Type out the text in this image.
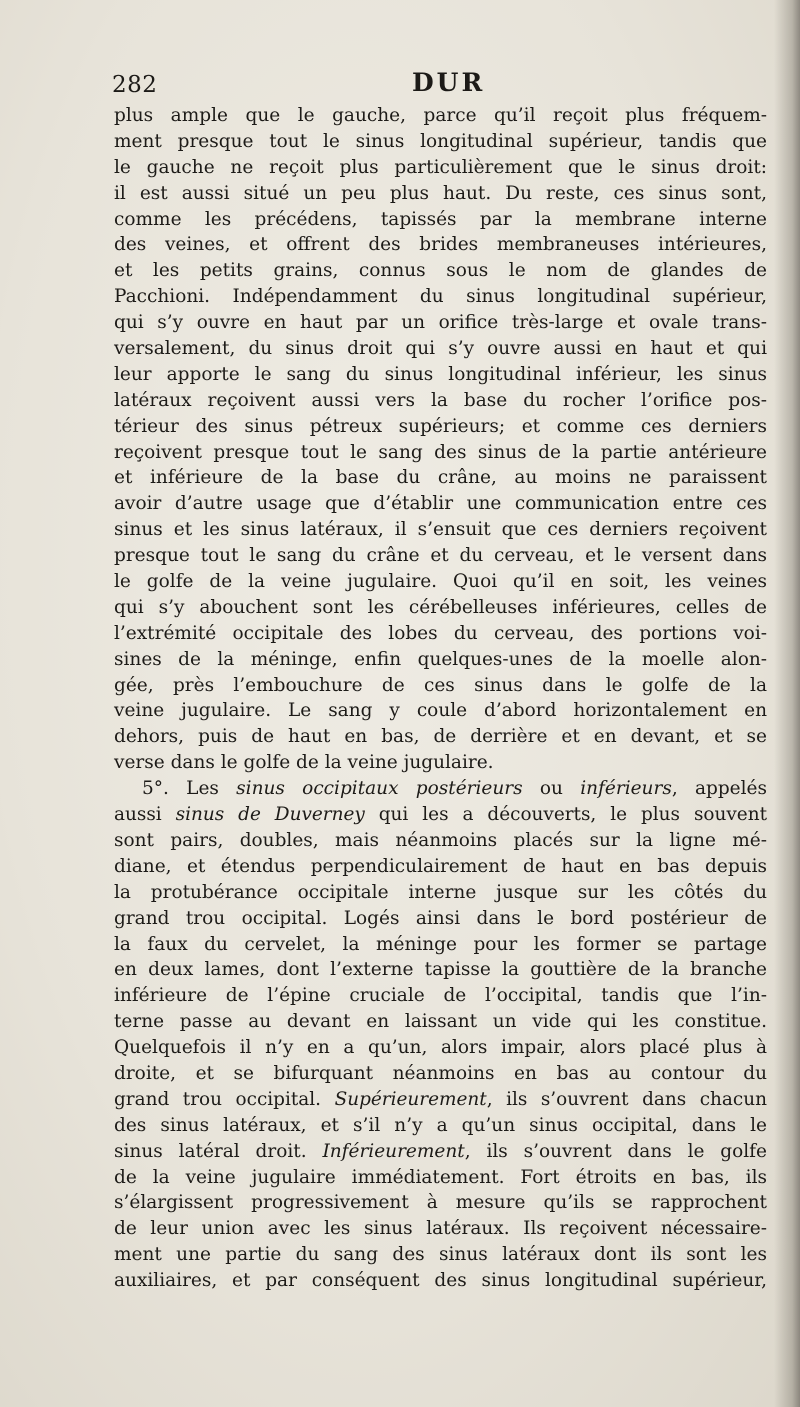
282	DUR
plus ample que le gauche, parce qu’il reçoit plus fréquem-
ment presque tout le sinus longitudinal supérieur, tandis que
le gauche ne reçoit plus particulièrement que le sinus droit:
il est aussi situé un peu plus haut. Du reste, ces sinus sont,
comme les précédens, tapissés par la membrane interne
des veines, et offrent des brides membraneuses intérieures,
et les petits grains, connus sous le nom de glandes de
Pacchioni. Indépendamment du sinus longitudinal supérieur,
qui s’y ouvre en haut par un orifice très-large et ovale trans-
versalement, du sinus droit qui s’y ouvre aussi en haut et qui
leur apporte le sang du sinus longitudinal inférieur, les sinus
latéraux reçoivent aussi vers la base du rocher l’orifice pos-
térieur des sinus pétreux supérieurs; et comme ces derniers
reçoivent presque tout le sang des sinus de la partie antérieure
et inférieure de la base du crâne, au moins ne paraissent
avoir d’autre usage que d’établir une communication entre ces
sinus et les sinus latéraux, il s’ensuit que ces derniers reçoivent
presque tout le sang du crâne et du cerveau, et le versent dans
le golfe de la veine jugulaire. Quoi qu’il en soit, les veines
qui s’y abouchent sont les cérébelleuses inférieures, celles de
l’extrémité occipitale des lobes du cerveau, des portions voi-
sines de la méninge, enfin quelques-unes de la moelle alon-
gée, près l’embouchure de ces sinus dans le golfe de la
veine jugulaire. Le sang y coule d’abord horizontalement en
dehors, puis de haut en bas, de derrière et en devant, et se
verse dans le golfe de la veine jugulaire.
5°. Les sinus occipitaux postérieurs ou inférieurs, appelés
aussi sinus de Duverney qui les a découverts, le plus souvent
sont pairs, doubles, mais néanmoins placés sur la ligne mé-
diane, et étendus perpendiculairement de haut en bas depuis
la protubérance occipitale interne jusque sur les côtés du
grand trou occipital. Logés ainsi dans le bord postérieur de
la faux du cervelet, la méninge pour les former se partage
en deux lames, dont l’externe tapisse la gouttière de la branche
inférieure de l’épine cruciale de l’occipital, tandis que l’in-
terne passe au devant en laissant un vide qui les constitue.
Quelquefois il n’y en a qu’un, alors impair, alors placé plus à
droite, et se bifurquant néanmoins en bas au contour du
grand trou occipital. Supérieurement, ils s’ouvrent dans chacun
des sinus latéraux, et s’il n’y a qu’un sinus occipital, dans le
sinus latéral droit. Inférieurement, ils s’ouvrent dans le golfe
de la veine jugulaire immédiatement. Fort étroits en bas, ils
s’élargissent progressivement à mesure qu’ils se rapprochent
de leur union avec les sinus latéraux. Ils reçoivent nécessaire-
ment une partie du sang des sinus latéraux dont ils sont les
auxiliaires, et par conséquent des sinus longitudinal supérieur,
